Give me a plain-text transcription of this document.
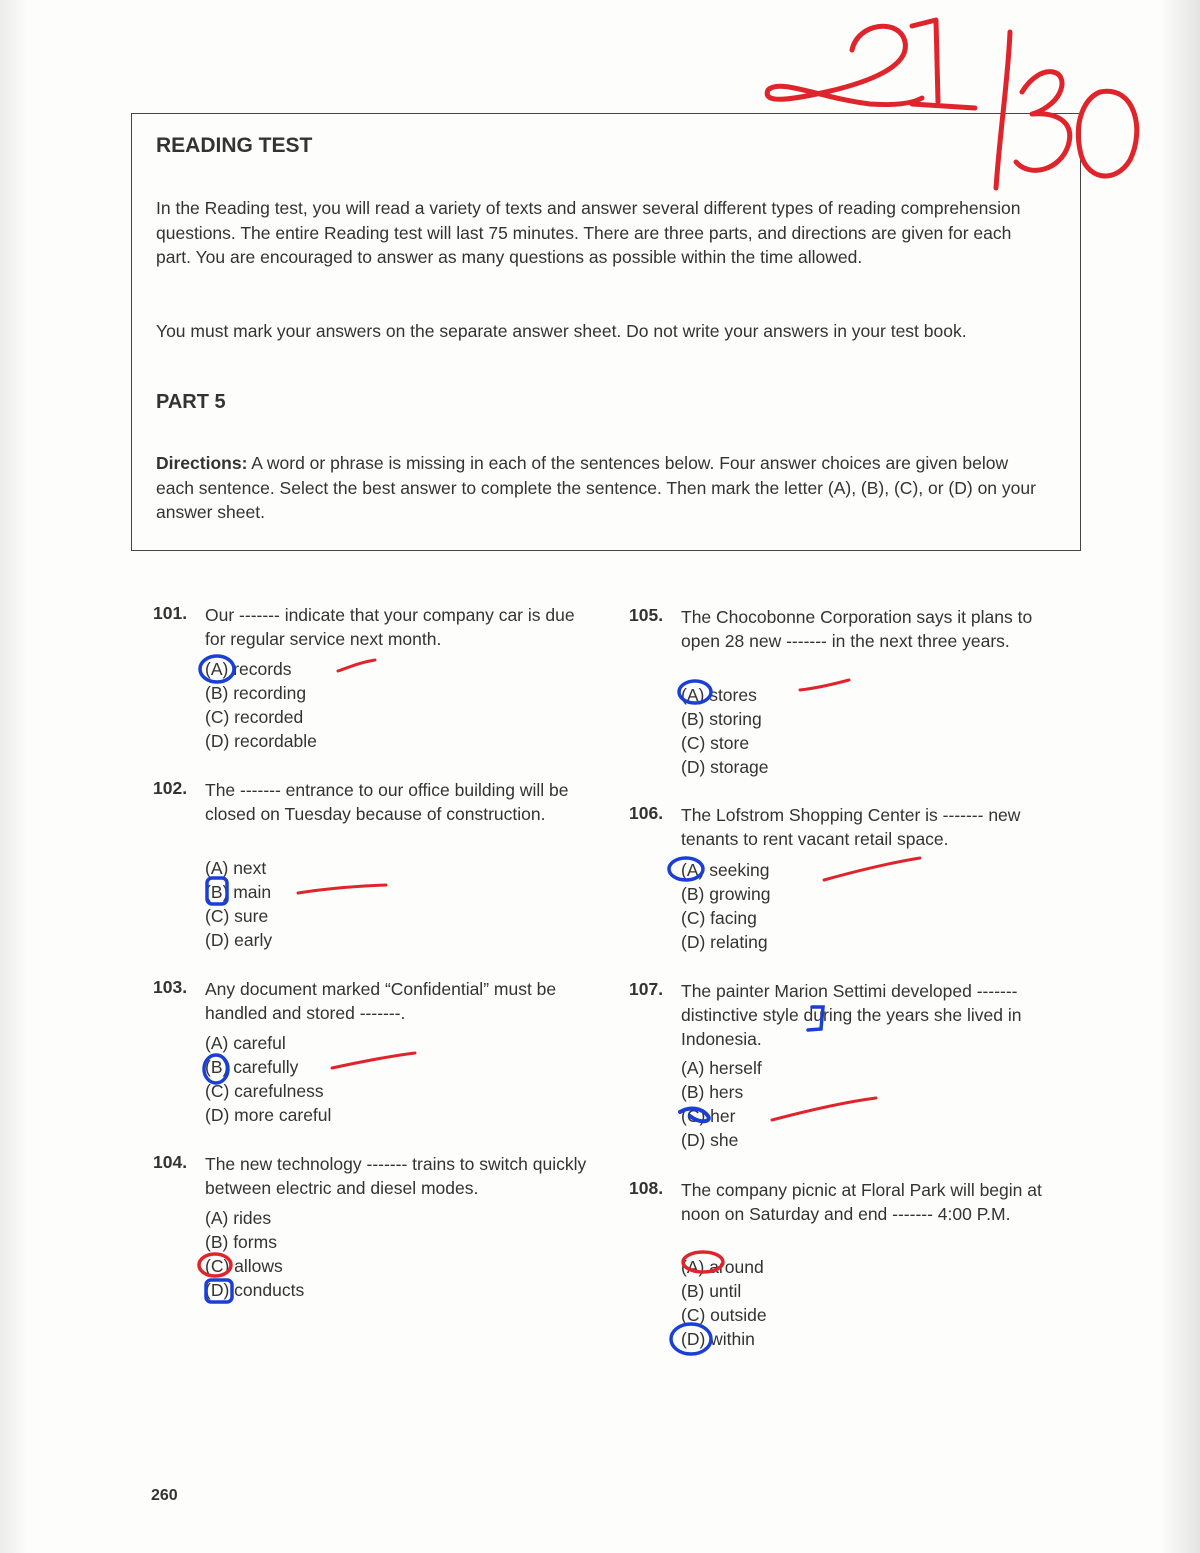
READING TEST

In the Reading test, you will read a variety of texts and answer several different types of reading comprehension questions. The entire Reading test will last 75 minutes. There are three parts, and directions are given for each part. You are encouraged to answer as many questions as possible within the time allowed.

You must mark your answers on the separate answer sheet. Do not write your answers in your test book.

PART 5

Directions: A word or phrase is missing in each of the sentences below. Four answer choices are given below each sentence. Select the best answer to complete the sentence. Then mark the letter (A), (B), (C), or (D) on your answer sheet.

101. Our ------- indicate that your company car is due for regular service next month.
(A) records
(B) recording
(C) recorded
(D) recordable
102. The ------- entrance to our office building will be closed on Tuesday because of construction.
(A) next
(B) main
(C) sure
(D) early
103. Any document marked “Confidential” must be handled and stored -------.
(A) careful
(B) carefully
(C) carefulness
(D) more careful
104. The new technology ------- trains to switch quickly between electric and diesel modes.
(A) rides
(B) forms
(C) allows
(D) conducts
105. The Chocobonne Corporation says it plans to open 28 new ------- in the next three years.
(A) stores
(B) storing
(C) store
(D) storage
106. The Lofstrom Shopping Center is ------- new tenants to rent vacant retail space.
(A) seeking
(B) growing
(C) facing
(D) relating
107. The painter Marion Settimi developed ------- distinctive style during the years she lived in Indonesia.
(A) herself
(B) hers
(C) her
(D) she
108. The company picnic at Floral Park will begin at noon on Saturday and end ------- 4:00 P.M.
(A) around
(B) until
(C) outside
(D) within
260
